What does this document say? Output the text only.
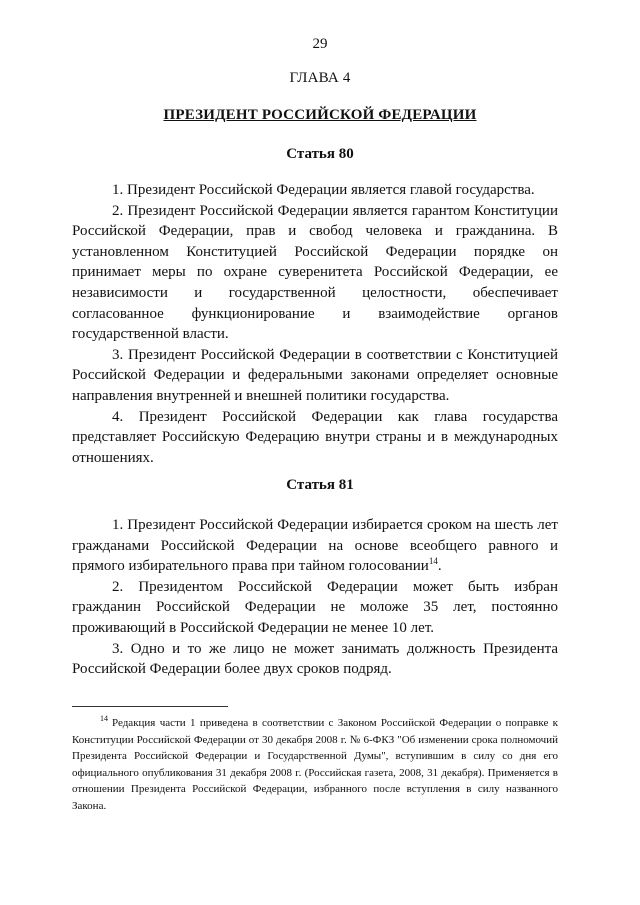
29
ГЛАВА 4
ПРЕЗИДЕНТ РОССИЙСКОЙ ФЕДЕРАЦИИ

Статья 80

1. Президент Российской Федерации является главой государства.

2. Президент Российской Федерации является гарантом Конституции Российской Федерации, прав и свобод человека и гражданина. В установленном Конституцией Российской Федерации порядке он принимает меры по охране суверенитета Российской Федерации, ее независимости и государственной целостности, обеспечивает согласованное функционирование и взаимодействие органов государственной власти.

3. Президент Российской Федерации в соответствии с Конституцией Российской Федерации и федеральными законами определяет основные направления внутренней и внешней политики государства.

4. Президент Российской Федерации как глава государства представляет Российскую Федерацию внутри страны и в международных отношениях.

Статья 81

1. Президент Российской Федерации избирается сроком на шесть лет гражданами Российской Федерации на основе всеобщего равного и прямого избирательного права при тайном голосовании$^{14}$.

2. Президентом Российской Федерации может быть избран гражданин Российской Федерации не моложе 35 лет, постоянно проживающий в Российской Федерации не менее 10 лет.

3. Одно и то же лицо не может занимать должность Президента Российской Федерации более двух сроков подряд.

$^{14}$ Редакция части 1 приведена в соответствии с Законом Российской Федерации о поправке к Конституции Российской Федерации от 30 декабря 2008 г. № 6-ФКЗ "Об изменении срока полномочий Президента Российской Федерации и Государственной Думы", вступившим в силу со дня его официального опубликования 31 декабря 2008 г. (Российская газета, 2008, 31 декабря). Применяется в отношении Президента Российской Федерации, избранного после вступления в силу названного Закона.
